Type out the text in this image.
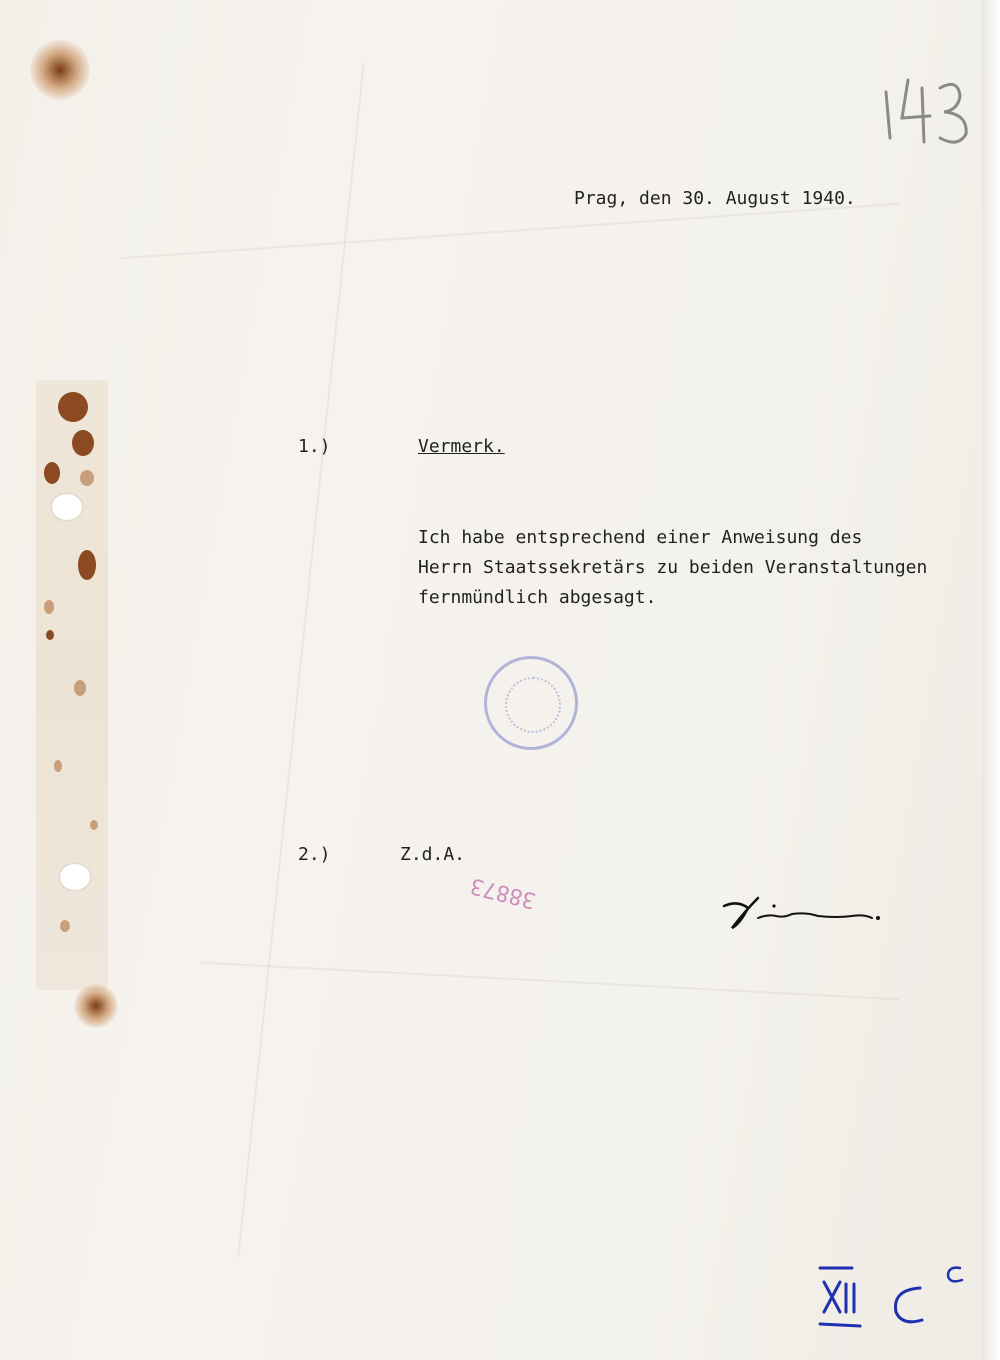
143
Prag, den 30. August 1940.
1.)	Vermerk.
Ich habe entsprechend einer Anweisung des
Herrn Staatssekretärs zu beiden Veranstaltungen
fernmündlich abgesagt.
2.)	Z.d.A.
38873
